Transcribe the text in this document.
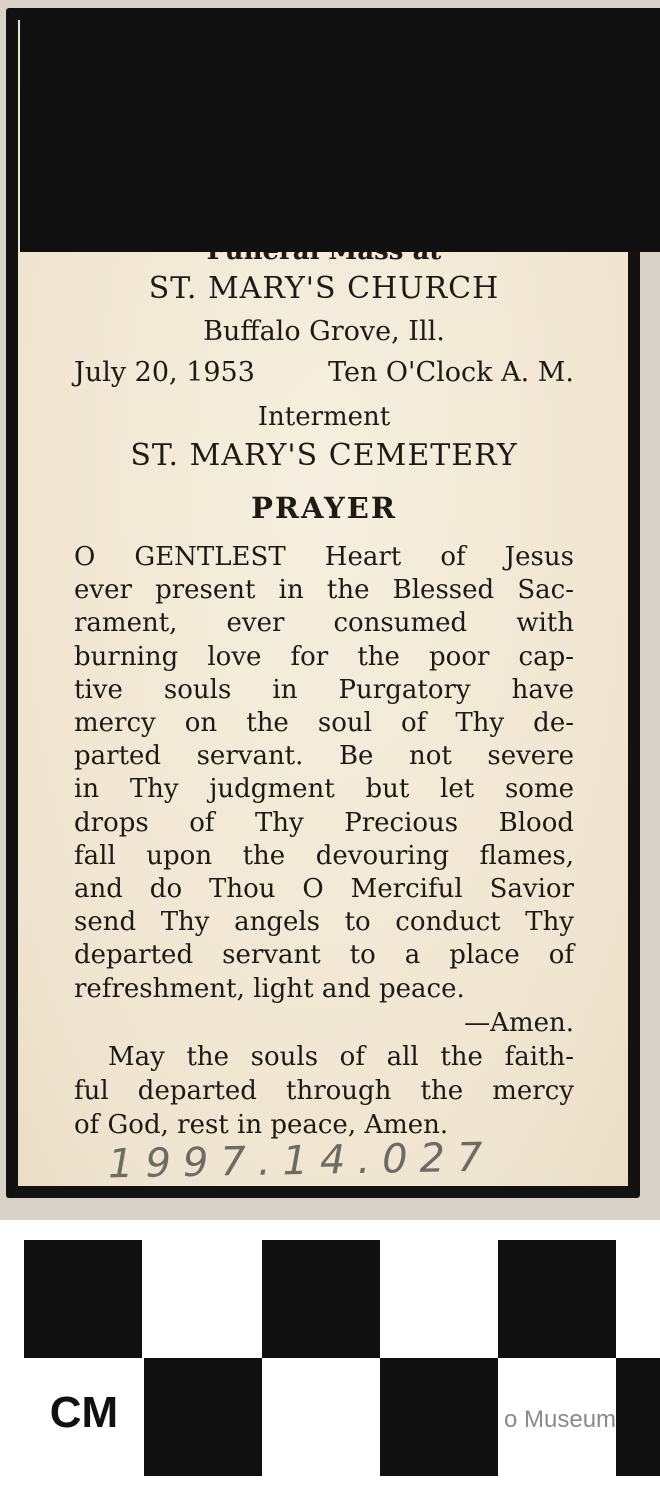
ST. MARY'S CHURCH
Buffalo Grove, Ill.
July 20, 1953	Ten O'Clock A. M.
Interment
ST. MARY'S CEMETERY
PRAYER
O GENTLEST Heart of Jesus
ever present in the Blessed Sac-
rament, ever consumed with
burning love for the poor cap-
tive souls in Purgatory have
mercy on the soul of Thy de-
parted servant. Be not severe
in Thy judgment but let some
drops of Thy Precious Blood
fall upon the devouring flames,
and do Thou O Merciful Savior
send Thy angels to conduct Thy
departed servant to a place of
refreshment, light and peace.
—Amen.
May the souls of all the faith-
ful departed through the mercy
of God, rest in peace, Amen.
1997.14.027
CM	o Museum
